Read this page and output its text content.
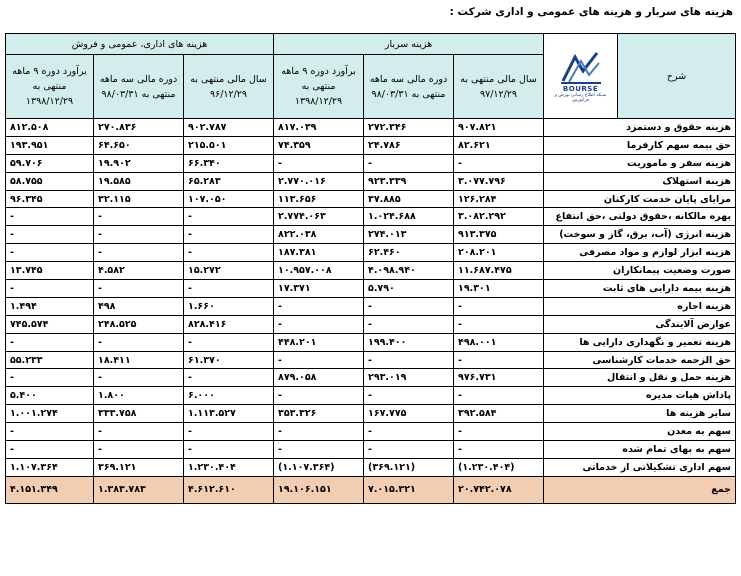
هزینه های سربار و هزینه های عمومی و اداری شرکت :
شرح	BOURSE
شبکه اطلاع رسانی بورس و فرابورس	هزینه سربار			هزینه های اداری، عمومی و فروش		
		سال مالی منتهی به ۹۷/۱۲/۲۹	دوره مالی سه ماهه منتهی به ۹۸/۰۳/۳۱	برآورد دوره ۹ ماهه منتهی به ۱۳۹۸/۱۲/۲۹	سال مالی منتهی به ۹۶/۱۲/۲۹	دوره مالی سه ماهه منتهی به ۹۸/۰۳/۳۱	برآورد دوره ۹ ماهه منتهی به ۱۳۹۸/۱۲/۲۹
هزینه حقوق و دستمزد		۹۰۷.۸۲۱	۲۷۲.۳۴۶	۸۱۷.۰۳۹	۹۰۲.۷۸۷	۲۷۰.۸۳۶	۸۱۲.۵۰۸
حق بیمه سهم کارفرما		۸۲.۶۲۱	۲۴.۷۸۶	۷۴.۳۵۹	۲۱۵.۵۰۱	۶۴.۶۵۰	۱۹۳.۹۵۱
هزینه سفر و ماموریت		-	-	-	۶۶.۳۴۰	۱۹.۹۰۲	۵۹.۷۰۶
هزینه استهلاک		۳.۰۷۷.۷۹۶	۹۲۳.۳۳۹	۲.۷۷۰.۰۱۶	۶۵.۲۸۳	۱۹.۵۸۵	۵۸.۷۵۵
مزایای پایان خدمت کارکنان		۱۲۶.۲۸۴	۳۷.۸۸۵	۱۱۳.۶۵۶	۱۰۷.۰۵۰	۳۲.۱۱۵	۹۶.۳۴۵
بهره مالکانه ،حقوق دولتی ،حق انتفاع		۳.۰۸۲.۲۹۲	۱.۰۲۴.۶۸۸	۲.۷۷۴.۰۶۳	-	-	-
هزینه انرژی (آب، برق، گاز و سوخت)		۹۱۳.۳۷۵	۲۷۴.۰۱۳	۸۲۲.۰۳۸	-	-	-
هزینه ابزار لوازم و مواد مصرفی		۲۰۸.۲۰۱	۶۲.۴۶۰	۱۸۷.۳۸۱	-	-	-
صورت وضعیت پیمانکاران		۱۱.۶۸۷.۴۷۵	۴.۰۹۸.۹۴۰	۱۰.۹۵۷.۰۰۸	۱۵.۲۷۲	۴.۵۸۲	۱۳.۷۴۵
هزینه بیمه دارایی های ثابت		۱۹.۳۰۱	۵.۷۹۰	۱۷.۳۷۱	-	-	-
هزینه اجاره		-	-	-	۱.۶۶۰	۴۹۸	۱.۴۹۴
عوارض آلایندگی		-	-	-	۸۲۸.۴۱۶	۲۴۸.۵۲۵	۷۴۵.۵۷۴
هزینه تعمیر و نگهداری دارایی ها		۴۹۸.۰۰۱	۱۹۹.۴۰۰	۴۴۸.۲۰۱	-	-	-
حق الزحمه خدمات کارشناسی		-	-	-	۶۱.۳۷۰	۱۸.۴۱۱	۵۵.۲۳۳
هزینه حمل و نقل و انتقال		۹۷۶.۷۳۱	۲۹۳.۰۱۹	۸۷۹.۰۵۸	-	-	-
پاداش هیات مدیره		-	-	-	۶.۰۰۰	۱.۸۰۰	۵.۴۰۰
سایر هزینه ها		۳۹۲.۵۸۴	۱۶۷.۷۷۵	۳۵۳.۳۲۶	۱.۱۱۳.۵۲۷	۳۳۳.۷۵۸	۱.۰۰۱.۲۷۴
سهم به معدن		-	-	-	-	-	-
سهم به بهای تمام شده		-	-	-	-	-	-
سهم اداری تشکیلاتی از خدماتی		(۱.۲۳۰.۴۰۴)	(۳۶۹.۱۲۱)	(۱.۱۰۷.۳۶۴)	۱.۲۳۰.۴۰۴	۳۶۹.۱۲۱	۱.۱۰۷.۳۶۴
جمع		۲۰.۷۴۲.۰۷۸	۷.۰۱۵.۳۲۱	۱۹.۱۰۶.۱۵۱	۴.۶۱۲.۶۱۰	۱.۳۸۳.۷۸۳	۴.۱۵۱.۳۴۹
